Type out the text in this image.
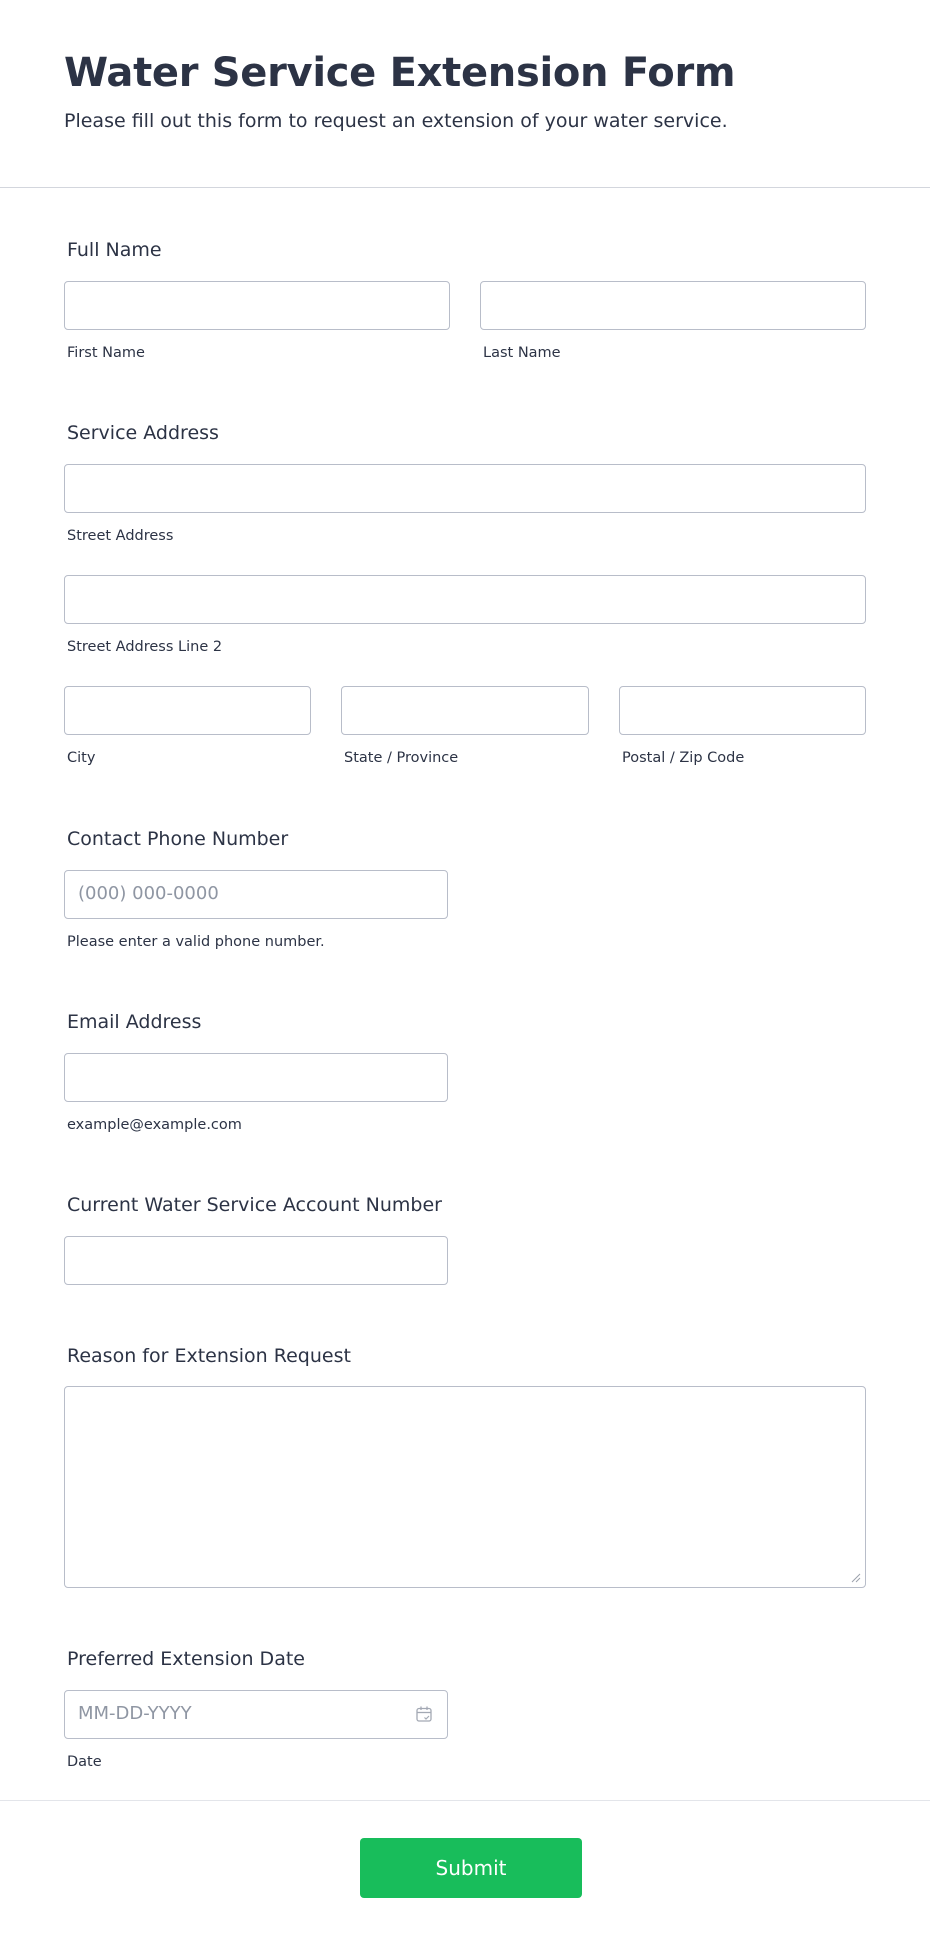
Water Service Extension Form
Please fill out this form to request an extension of your water service.
Full Name
First Name	Last Name
Service Address
Street Address
Street Address Line 2
City	State / Province	Postal / Zip Code
Contact Phone Number
(000) 000-0000
Please enter a valid phone number.
Email Address
example@example.com
Current Water Service Account Number
Reason for Extension Request
Preferred Extension Date
MM-DD-YYYY
Date
Submit
